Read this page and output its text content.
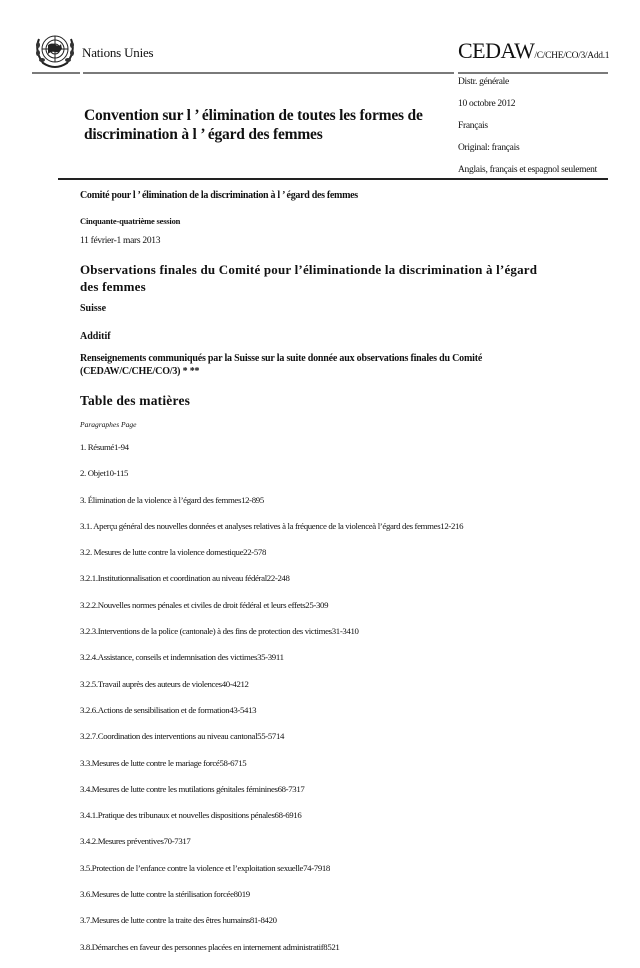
Nations Unies	CEDAW/C/CHE/CO/3/Add.1
Distr. générale
10 octobre 2012
Français
Original: français
Anglais, français et espagnol seulement
Convention sur l ’ élimination de toutes les formes de discrimination à l ’ égard des femmes
Comité pour l ’ élimination de la discrimination à l ’ égard des femmes
Cinquante-quatrième session
11 février-1 mars 2013
Observations finales du Comité pour l’éliminationde la discrimination à l’égard des femmes
Suisse
Additif
Renseignements communiqués par la Suisse sur la suite donnée aux observations finales du Comité (CEDAW/C/CHE/CO/3) * **
Table des matières
Paragraphes Page
1. Résumé1-94
2. Objet10-115
3. Élimination de la violence à l’égard des femmes12-895
3.1. Aperçu général des nouvelles données et analyses relatives à la fréquence de la violenceà l’égard des femmes12-216
3.2. Mesures de lutte contre la violence domestique22-578
3.2.1.Institutionnalisation et coordination au niveau fédéral22-248
3.2.2.Nouvelles normes pénales et civiles de droit fédéral et leurs effets25-309
3.2.3.Interventions de la police (cantonale) à des fins de protection des victimes31-3410
3.2.4.Assistance, conseils et indemnisation des victimes35-3911
3.2.5.Travail auprès des auteurs de violences40-4212
3.2.6.Actions de sensibilisation et de formation43-5413
3.2.7.Coordination des interventions au niveau cantonal55-5714
3.3.Mesures de lutte contre le mariage forcé58-6715
3.4.Mesures de lutte contre les mutilations génitales féminines68-7317
3.4.1.Pratique des tribunaux et nouvelles dispositions pénales68-6916
3.4.2.Mesures préventives70-7317
3.5.Protection de l’enfance contre la violence et l’exploitation sexuelle74-7918
3.6.Mesures de lutte contre la stérilisation forcée8019
3.7.Mesures de lutte contre la traite des êtres humains81-8420
3.8.Démarches en faveur des personnes placées en internement administratif8521
